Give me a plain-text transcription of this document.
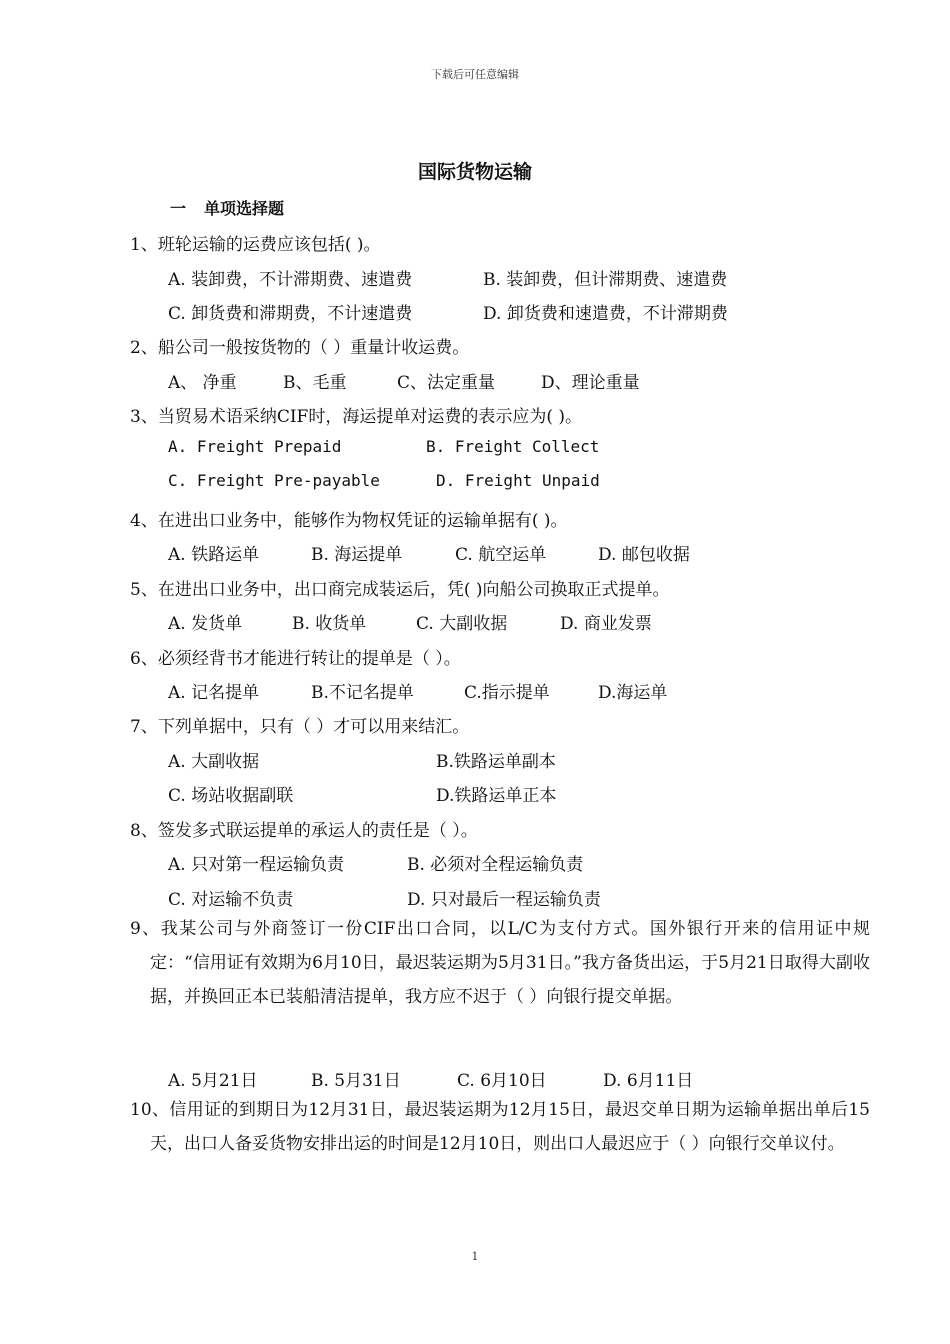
下载后可任意编辑
国际货物运输
一 单项选择题
1、班轮运输的运费应该包括( )。
A. 装卸费，不计滞期费、速遣费	B. 装卸费，但计滞期费、速遣费
C. 卸货费和滞期费，不计速遣费	D. 卸货费和速遣费，不计滞期费
2、船公司一般按货物的（ ）重量计收运费。
A、 净重	B、毛重	C、法定重量	D、理论重量
3、当贸易术语采纳CIF时，海运提单对运费的表示应为( )。
A. Freight Prepaid	B. Freight Collect
C. Freight Pre-payable	D. Freight Unpaid
4、在进出口业务中，能够作为物权凭证的运输单据有( )。
A. 铁路运单	B. 海运提单	C. 航空运单	D. 邮包收据
5、在进出口业务中，出口商完成装运后，凭( )向船公司换取正式提单。
A. 发货单	B. 收货单	C. 大副收据	D. 商业发票
6、必须经背书才能进行转让的提单是（ ）。
A. 记名提单	B.不记名提单	C.指示提单	D.海运单
7、下列单据中，只有（ ）才可以用来结汇。
A. 大副收据	B.铁路运单副本
C. 场站收据副联	D.铁路运单正本
8、签发多式联运提单的承运人的责任是（ ）。
A. 只对第一程运输负责	B. 必须对全程运输负责
C. 对运输不负责	D. 只对最后一程运输负责
9、我某公司与外商签订一份CIF出口合同，以L/C为支付方式。国外银行开来的信用证中规定：“信用证有效期为6月10日，最迟装运期为5月31日。”我方备货出运，于5月21日取得大副收据，并换回正本已装船清洁提单，我方应不迟于（ ）向银行提交单据。
A. 5月21日	B. 5月31日	C. 6月10日	D. 6月11日
10、信用证的到期日为12月31日，最迟装运期为12月15日，最迟交单日期为运输单据出单后15天，出口人备妥货物安排出运的时间是12月10日，则出口人最迟应于（ ）向银行交单议付。
1
